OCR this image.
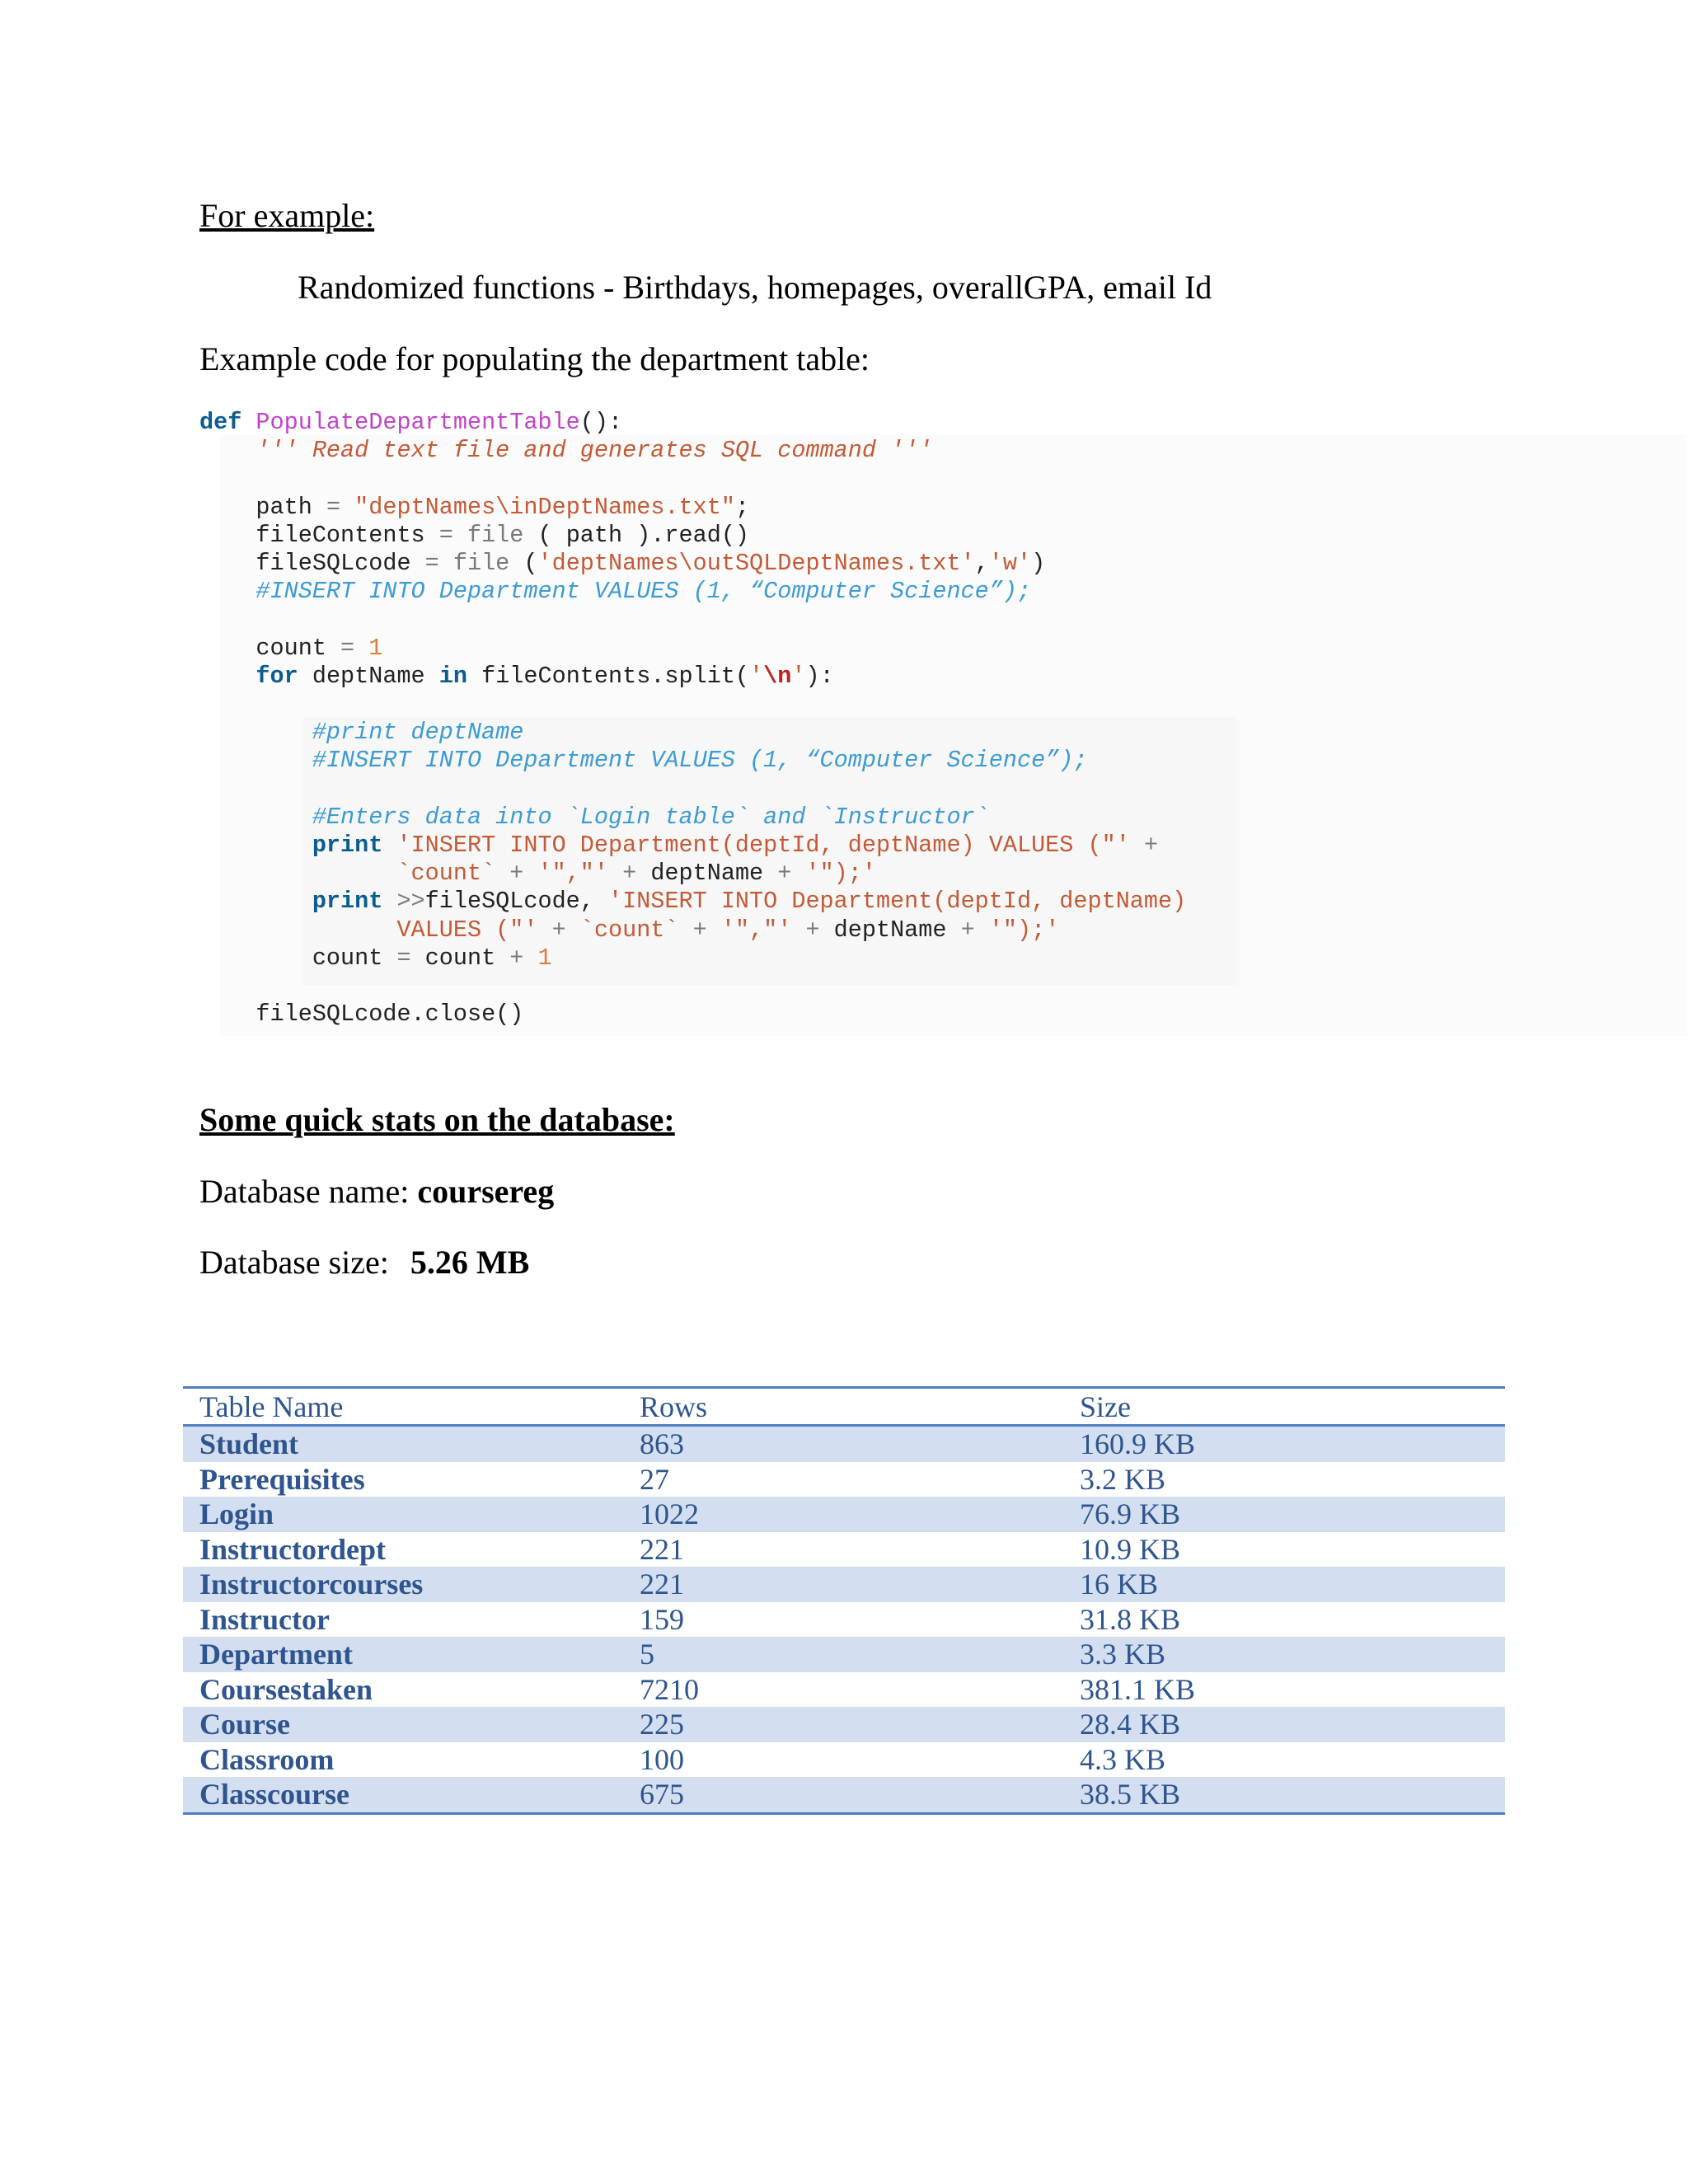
For example:

Randomized functions - Birthdays, homepages, overallGPA, email Id

Example code for populating the department table:

def PopulateDepartmentTable():
''' Read text file and generates SQL command '''

path = "deptNames\inDeptNames.txt";
fileContents = file ( path ).read()
fileSQLcode = file ('deptNames\outSQLDeptNames.txt','w')
#INSERT INTO Department VALUES (1, “Computer Science”);

count = 1
for deptName in fileContents.split('\n'):

#print deptName
#INSERT INTO Department VALUES (1, “Computer Science”);

#Enters data into `Login table` and `Instructor`
print 'INSERT INTO Department(deptId, deptName) VALUES ("' +
`count` + '","' + deptName + '");'
print >>fileSQLcode, 'INSERT INTO Department(deptId, deptName)
VALUES ("' + `count` + '","' + deptName + '");'
count = count + 1

fileSQLcode.close()

Some quick stats on the database:

Database name: coursereg

Database size: 5.26 MB

Table Name	Rows	Size
Student	863	160.9 KB
Prerequisites	27	3.2 KB
Login	1022	76.9 KB
Instructordept	221	10.9 KB
Instructorcourses	221	16 KB
Instructor	159	31.8 KB
Department	5	3.3 KB
Coursestaken	7210	381.1 KB
Course	225	28.4 KB
Classroom	100	4.3 KB
Classcourse	675	38.5 KB
